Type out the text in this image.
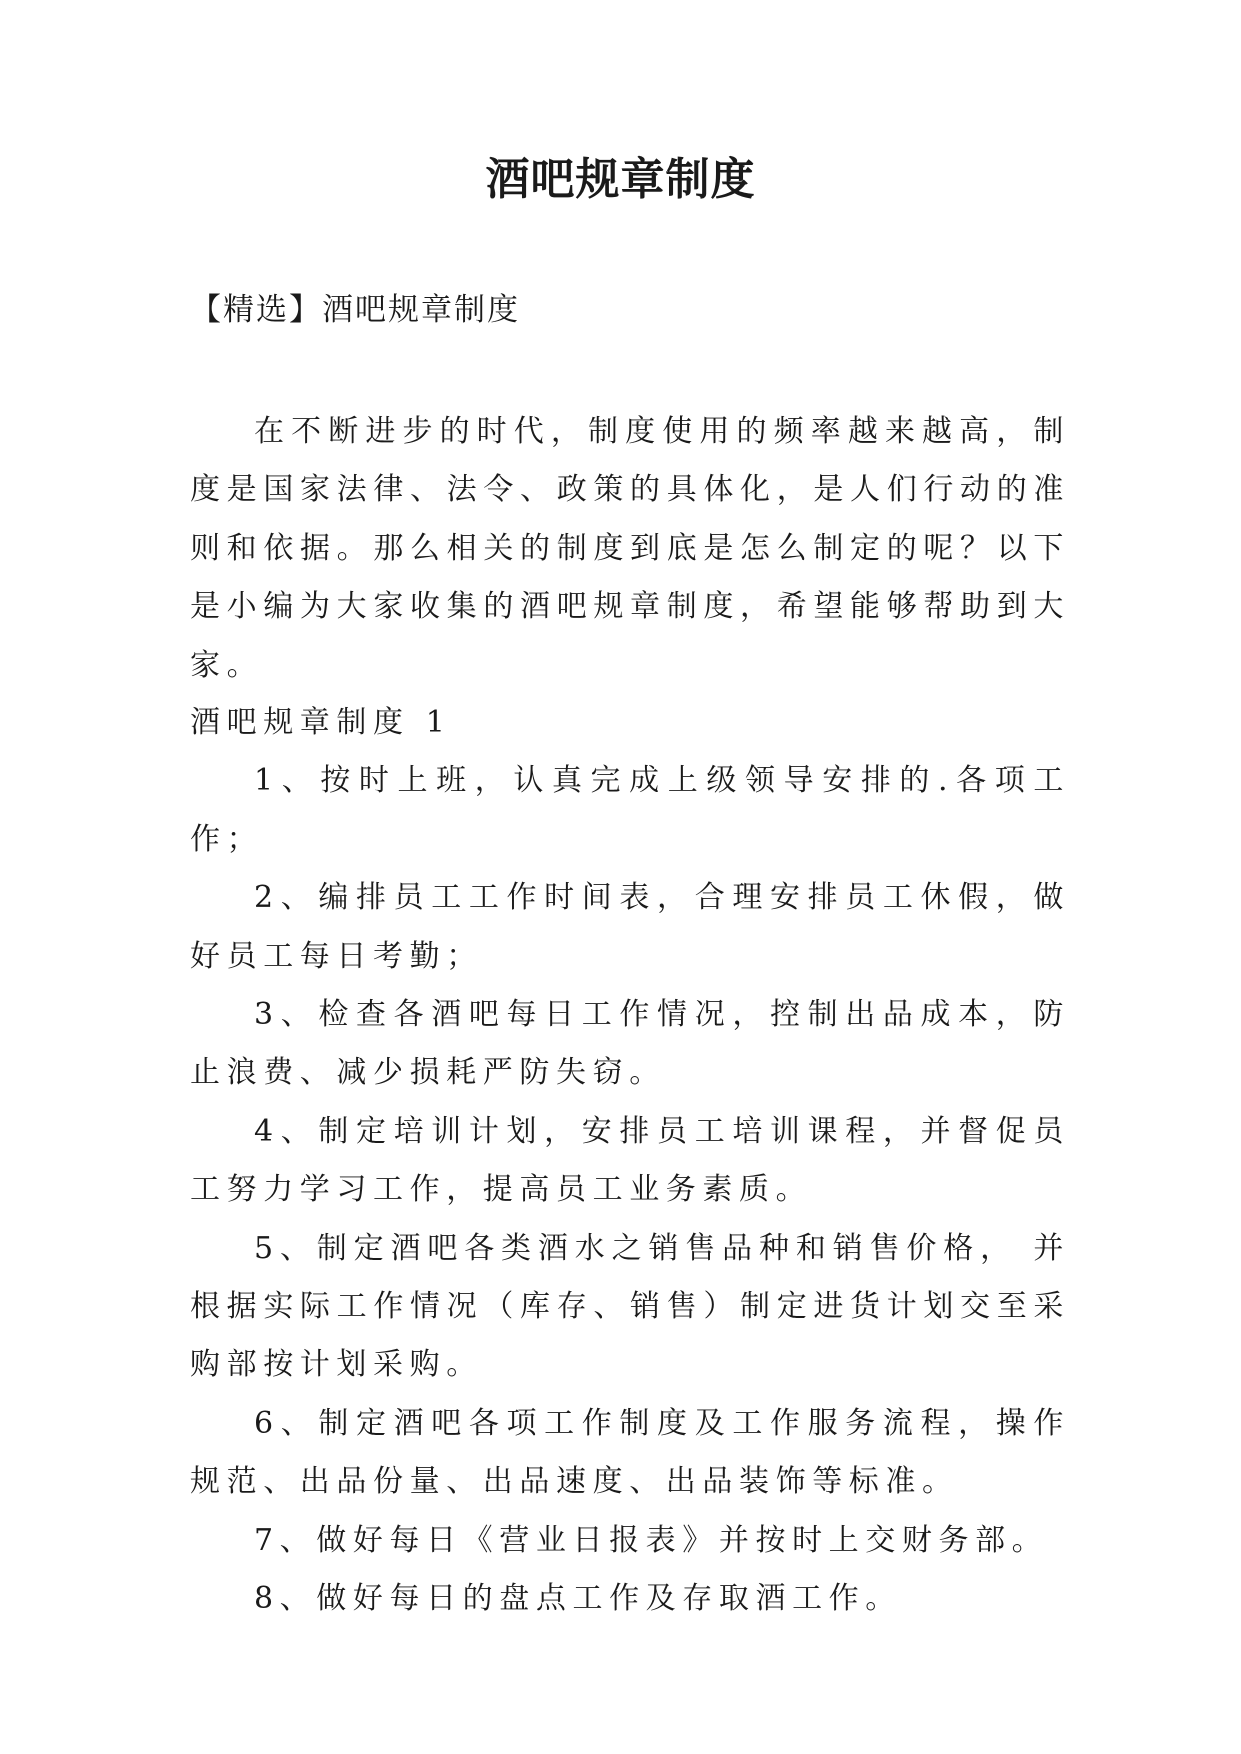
酒吧规章制度
【精选】酒吧规章制度

在不断进步的时代，制度使用的频率越来越高，制度是国家法律、法令、政策的具体化，是人们行动的准则和依据。那么相关的制度到底是怎么制定的呢？以下是小编为大家收集的酒吧规章制度，希望能够帮助到大家。

酒吧规章制度 1

1、按时上班，认真完成上级领导安排的.各项工作；

2、编排员工工作时间表，合理安排员工休假，做好员工每日考勤；

3、检查各酒吧每日工作情况，控制出品成本，防止浪费、减少损耗严防失窃。

4、制定培训计划，安排员工培训课程，并督促员工努力学习工作，提高员工业务素质。

5、制定酒吧各类酒水之销售品种和销售价格， 并根据实际工作情况（库存、销售）制定进货计划交至采购部按计划采购。

6、制定酒吧各项工作制度及工作服务流程，操作规范、出品份量、出品速度、出品装饰等标准。

7、做好每日《营业日报表》并按时上交财务部。

8、做好每日的盘点工作及存取酒工作。
